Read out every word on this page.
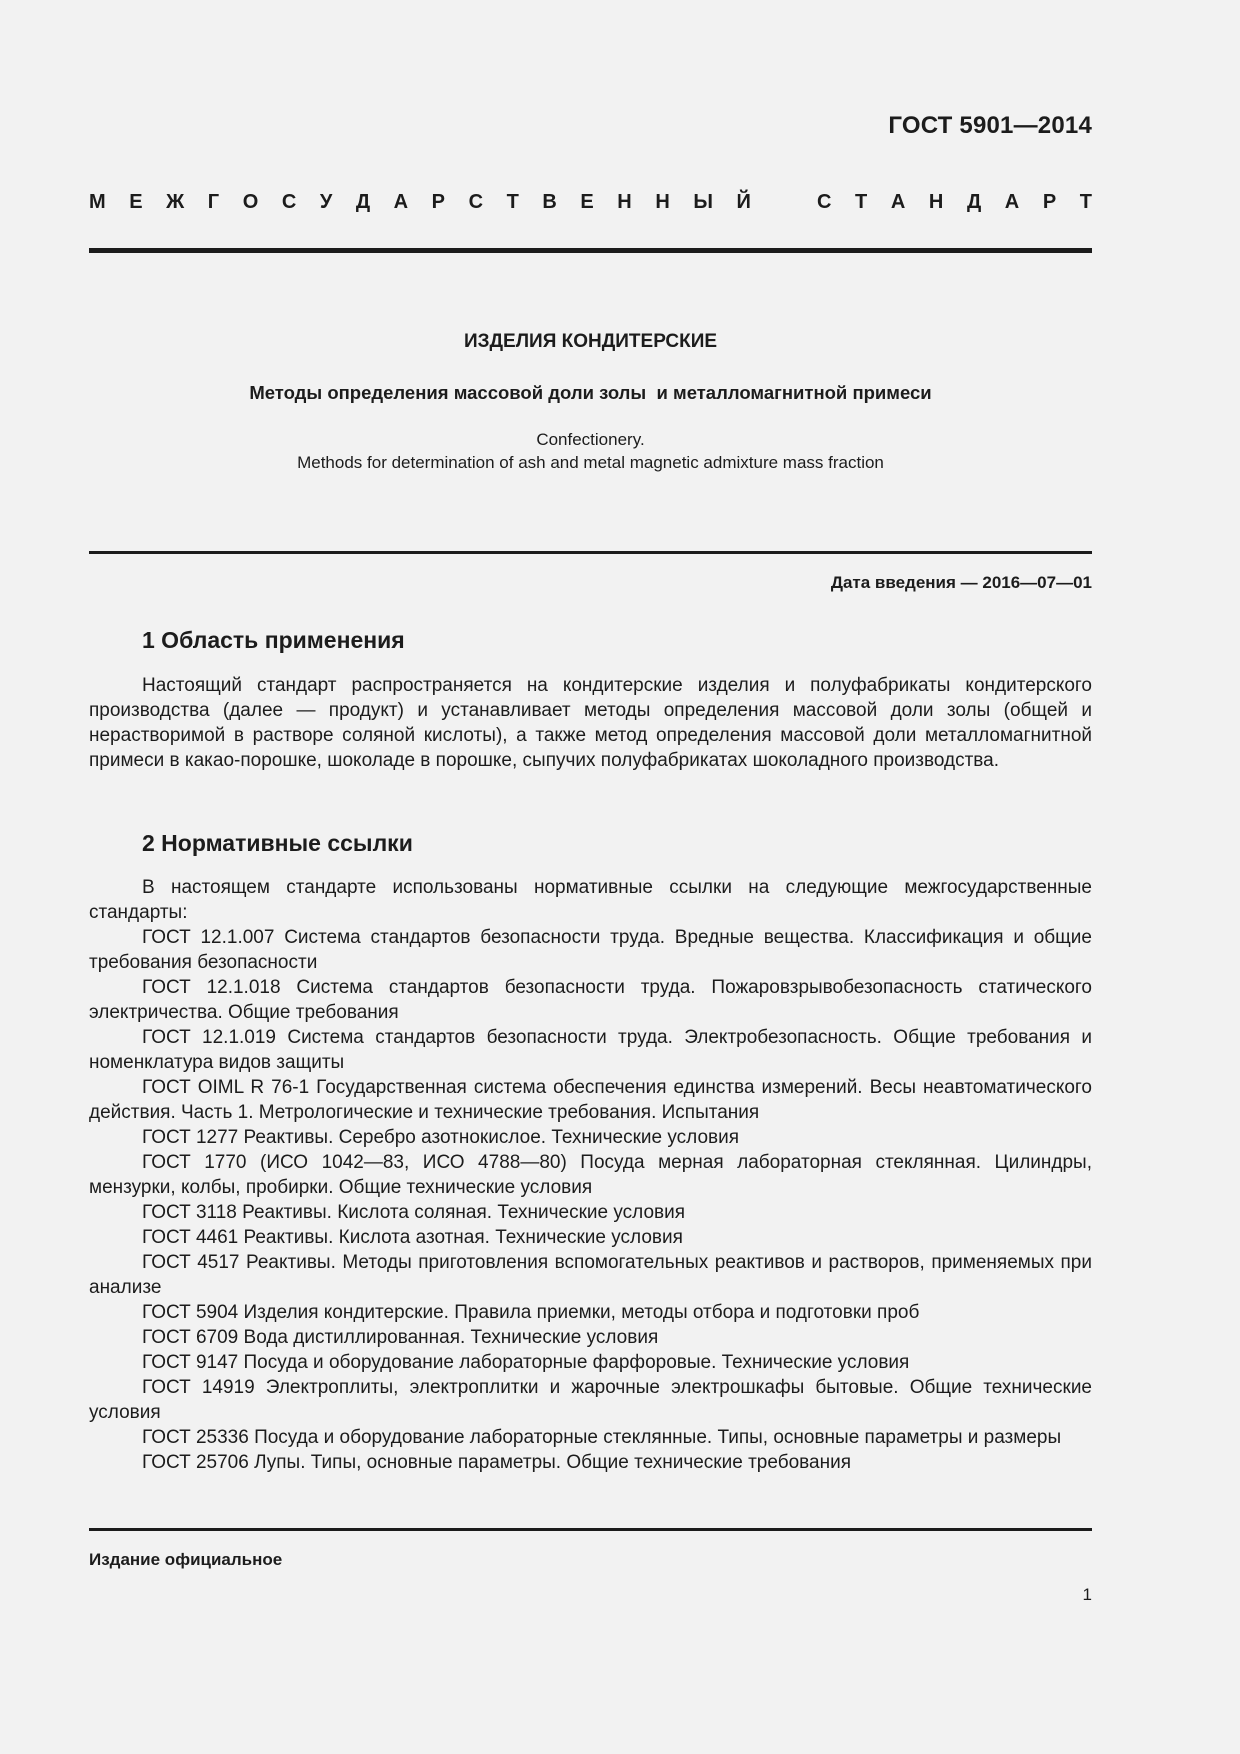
ГОСТ 5901—2014
М Е Ж Г О С У Д А Р С Т В Е Н Н Ы Й	С Т А Н Д А Р Т
ИЗДЕЛИЯ КОНДИТЕРСКИЕ
Методы определения массовой доли золы  и металломагнитной примеси
Confectionery.
Methods for determination of ash and metal magnetic admixture mass fraction
Дата введения — 2016—07—01
1 Область применения

Настоящий стандарт распространяется на кондитерские изделия и полуфабрикаты кондитерского производства (далее — продукт) и устанавливает методы определения массовой доли золы (общей и нерастворимой в растворе соляной кислоты), а также метод определения массовой доли металломагнитной примеси в какао-порошке, шоколаде в порошке, сыпучих полуфабрикатах шоколадного производства.

2 Нормативные ссылки

В настоящем стандарте использованы нормативные ссылки на следующие межгосударственные стандарты:

ГОСТ 12.1.007 Система стандартов безопасности труда. Вредные вещества. Классификация и общие требования безопасности

ГОСТ 12.1.018 Система стандартов безопасности труда. Пожаровзрывобезопасность статического электричества. Общие требования

ГОСТ 12.1.019 Система стандартов безопасности труда. Электробезопасность. Общие требования и номенклатура видов защиты

ГОСТ OIML R 76-1 Государственная система обеспечения единства измерений. Весы неавтоматического действия. Часть 1. Метрологические и технические требования. Испытания

ГОСТ 1277 Реактивы. Серебро азотнокислое. Технические условия

ГОСТ 1770 (ИСО 1042—83, ИСО 4788—80) Посуда мерная лабораторная стеклянная. Цилиндры, мензурки, колбы, пробирки. Общие технические условия

ГОСТ 3118 Реактивы. Кислота соляная. Технические условия

ГОСТ 4461 Реактивы. Кислота азотная. Технические условия

ГОСТ 4517 Реактивы. Методы приготовления вспомогательных реактивов и растворов, применяемых при анализе

ГОСТ 5904 Изделия кондитерские. Правила приемки, методы отбора и подготовки проб

ГОСТ 6709 Вода дистиллированная. Технические условия

ГОСТ 9147 Посуда и оборудование лабораторные фарфоровые. Технические условия

ГОСТ 14919 Электроплиты, электроплитки и жарочные электрошкафы бытовые. Общие технические условия

ГОСТ 25336 Посуда и оборудование лабораторные стеклянные. Типы, основные параметры и размеры

ГОСТ 25706 Лупы. Типы, основные параметры. Общие технические требования

Издание официальное
1
